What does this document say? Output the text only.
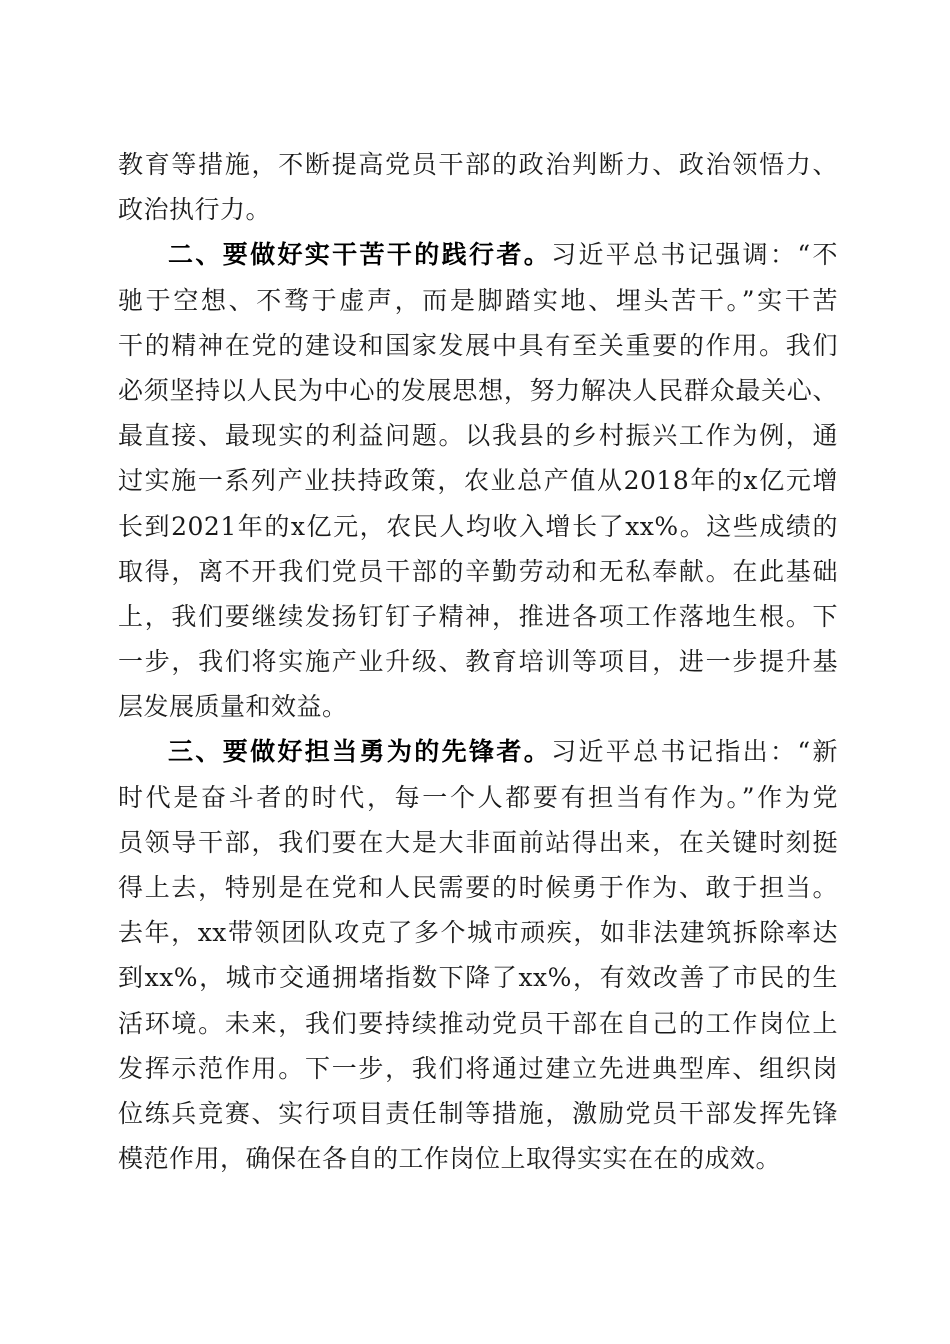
教育等措施，不断提高党员干部的政治判断力、政治领悟力、
政治执行力。
二、要做好实干苦干的践行者。习近平总书记强调：“不
驰于空想、不骛于虚声，而是脚踏实地、埋头苦干。”实干苦
干的精神在党的建设和国家发展中具有至关重要的作用。我们
必须坚持以人民为中心的发展思想，努力解决人民群众最关心、
最直接、最现实的利益问题。以我县的乡村振兴工作为例，通
过实施一系列产业扶持政策，农业总产值从2018年的x亿元增
长到2021年的x亿元，农民人均收入增长了xx%。这些成绩的
取得，离不开我们党员干部的辛勤劳动和无私奉献。在此基础
上，我们要继续发扬钉钉子精神，推进各项工作落地生根。下
一步，我们将实施产业升级、教育培训等项目，进一步提升基
层发展质量和效益。
三、要做好担当勇为的先锋者。习近平总书记指出：“新
时代是奋斗者的时代，每一个人都要有担当有作为。”作为党
员领导干部，我们要在大是大非面前站得出来，在关键时刻挺
得上去，特别是在党和人民需要的时候勇于作为、敢于担当。
去年，xx带领团队攻克了多个城市顽疾，如非法建筑拆除率达
到xx%，城市交通拥堵指数下降了xx%，有效改善了市民的生
活环境。未来，我们要持续推动党员干部在自己的工作岗位上
发挥示范作用。下一步，我们将通过建立先进典型库、组织岗
位练兵竞赛、实行项目责任制等措施，激励党员干部发挥先锋
模范作用，确保在各自的工作岗位上取得实实在在的成效。
